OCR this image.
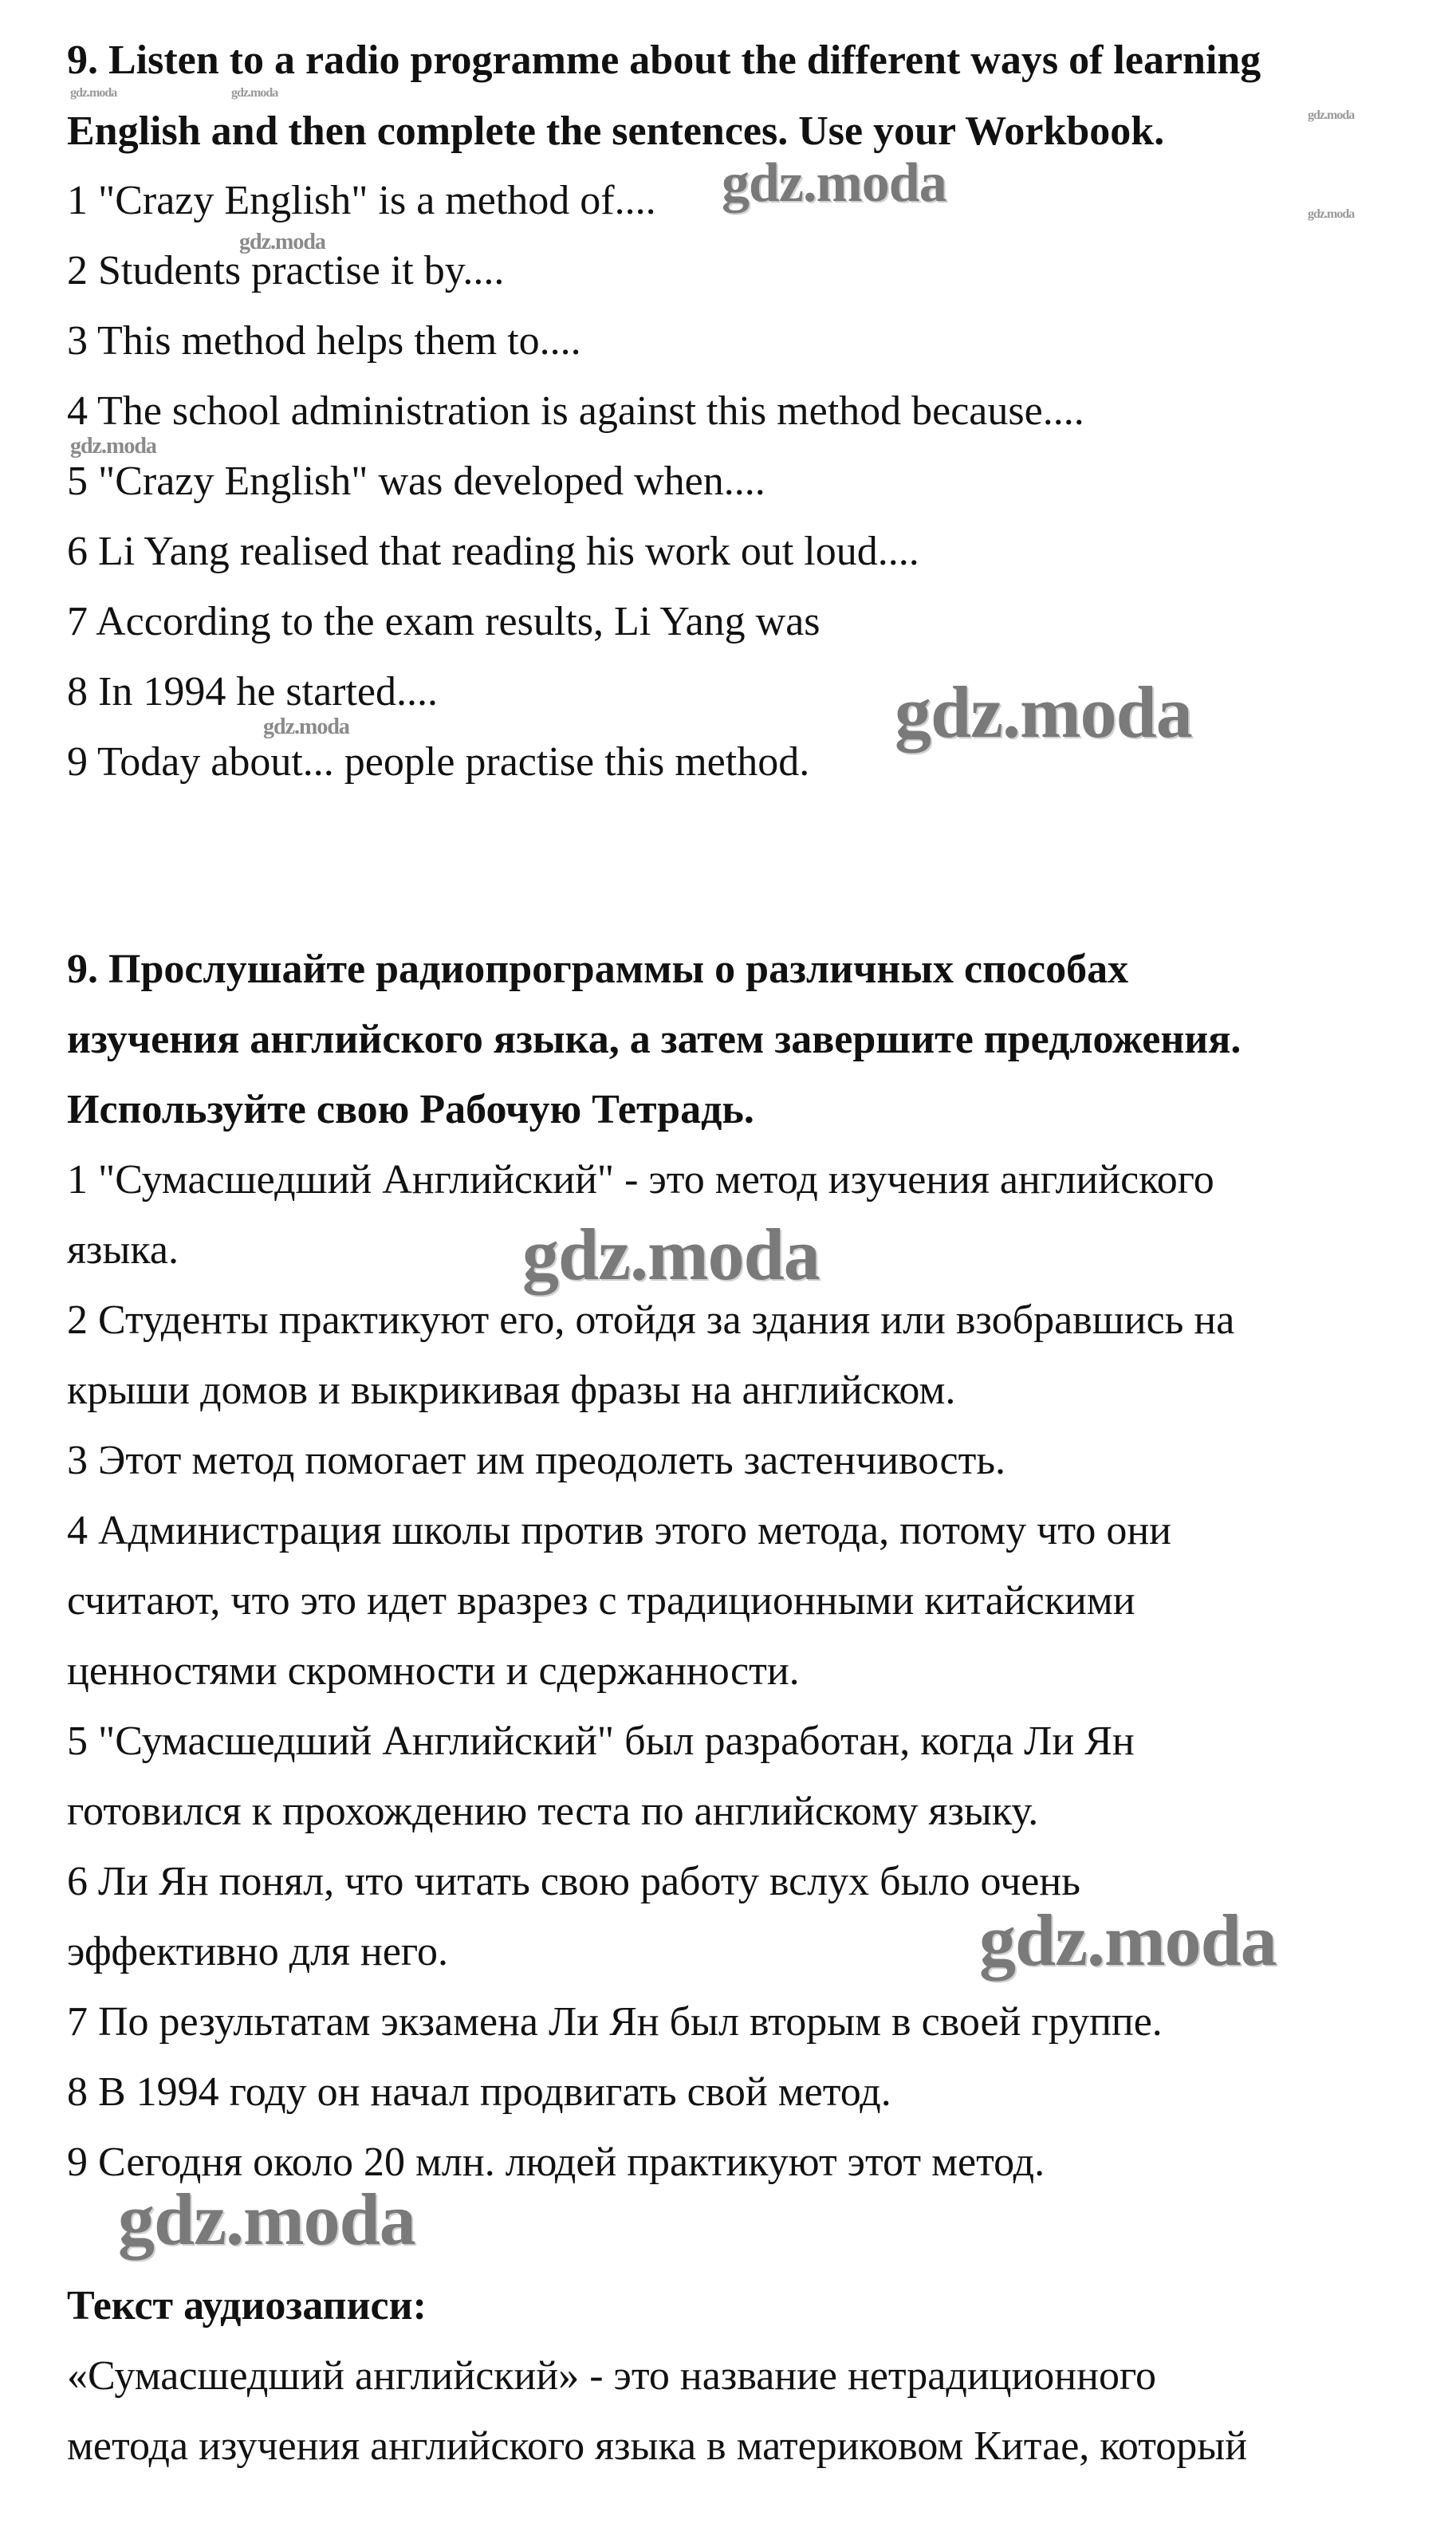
9. Listen to a radio programme about the different ways of learning
English and then complete the sentences. Use your Workbook.
1 "Crazy English" is a method of....
2 Students practise it by....
3 This method helps them to....
4 The school administration is against this method because....
5 "Crazy English" was developed when....
6 Li Yang realised that reading his work out loud....
7 According to the exam results, Li Yang was
8 In 1994 he started....
9 Today about... people practise this method.
9. Прослушайте радиопрограммы о различных способах
изучения английского языка, а затем завершите предложения.
Используйте свою Рабочую Тетрадь.
1 "Сумасшедший Английский" - это метод изучения английского
языка.
2 Студенты практикуют его, отойдя за здания или взобравшись на
крыши домов и выкрикивая фразы на английском.
3 Этот метод помогает им преодолеть застенчивость.
4 Администрация школы против этого метода, потому что они
считают, что это идет вразрез с традиционными китайскими
ценностями скромности и сдержанности.
5 "Сумасшедший Английский" был разработан, когда Ли Ян
готовился к прохождению теста по английскому языку.
6 Ли Ян понял, что читать свою работу вслух было очень
эффективно для него.
7 По результатам экзамена Ли Ян был вторым в своей группе.
8 В 1994 году он начал продвигать свой метод.
9 Сегодня около 20 млн. людей практикуют этот метод.
Текст аудиозаписи:
«Сумасшедший английский» - это название нетрадиционного
метода изучения английского языка в материковом Китае, который
gdz.moda
gdz.moda
gdz.moda
gdz.moda
gdz.moda
gdz.moda
gdz.moda
gdz.moda
gdz.moda	gdz.moda
gdz.moda
gdz.moda
